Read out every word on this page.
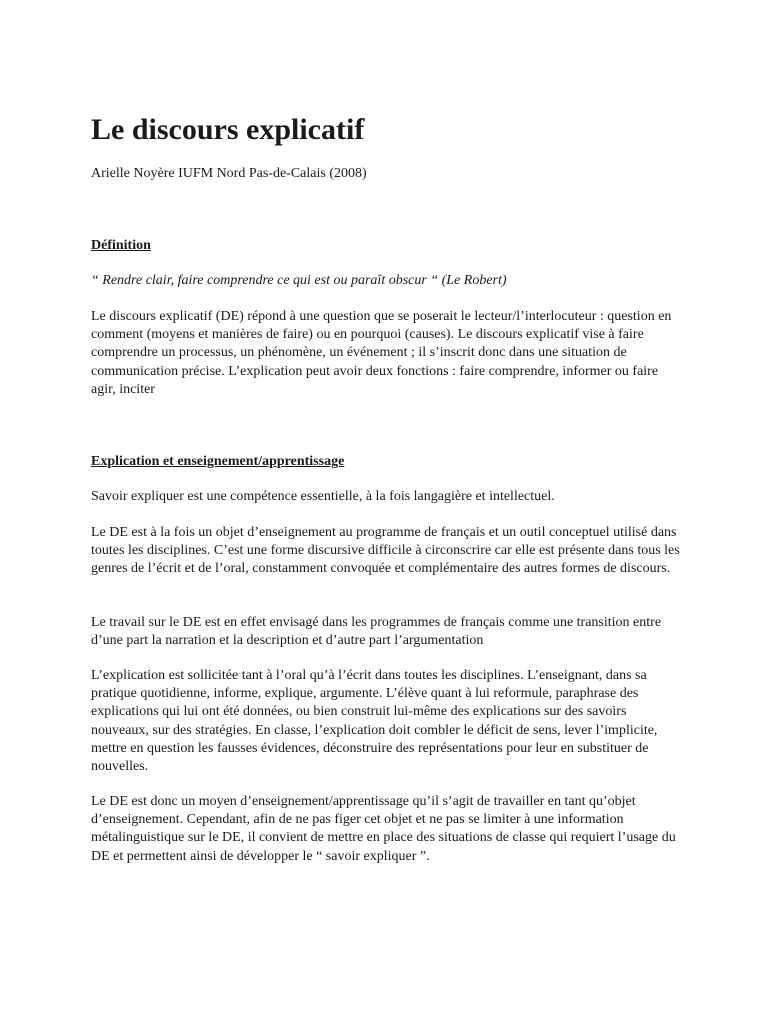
Le discours explicatif
Arielle Noyère IUFM Nord Pas-de-Calais (2008)
Définition

“ Rendre clair, faire comprendre ce qui est ou paraît obscur “ (Le Robert)

Le discours explicatif (DE) répond à une question que se poserait le lecteur/l’interlocuteur : question en comment (moyens et manières de faire) ou en pourquoi (causes). Le discours explicatif vise à faire comprendre un processus, un phénomène, un événement ; il s’inscrit donc dans une situation de communication précise. L’explication peut avoir deux fonctions : faire comprendre, informer ou faire agir, inciter

Explication et enseignement/apprentissage

Savoir expliquer est une compétence essentielle, à la fois langagière et intellectuel.

Le DE est à la fois un objet d’enseignement au programme de français et un outil conceptuel utilisé dans toutes les disciplines. C’est une forme discursive difficile à circonscrire car elle est présente dans tous les genres de l’écrit et de l’oral, constamment convoquée et complémentaire des autres formes de discours.

Le travail sur le DE est en effet envisagé dans les programmes de français comme une transition entre d’une part la narration et la description et d’autre part l’argumentation

L’explication est sollicitée tant à l’oral qu’à l’écrit dans toutes les disciplines. L’enseignant, dans sa pratique quotidienne, informe, explique, argumente. L’élève quant à lui reformule, paraphrase des explications qui lui ont été données, ou bien construit lui-même des explications sur des savoirs nouveaux, sur des stratégies. En classe, l’explication doit combler le déficit de sens, lever l’implicite, mettre en question les fausses évidences, déconstruire des représentations pour leur en substituer de nouvelles.

Le DE est donc un moyen d’enseignement/apprentissage qu’il s’agit de travailler en tant qu’objet d’enseignement. Cependant, afin de ne pas figer cet objet et ne pas se limiter à une information métalinguistique sur le DE, il convient de mettre en place des situations de classe qui requiert l’usage du DE et permettent ainsi de développer le “ savoir expliquer ”.
